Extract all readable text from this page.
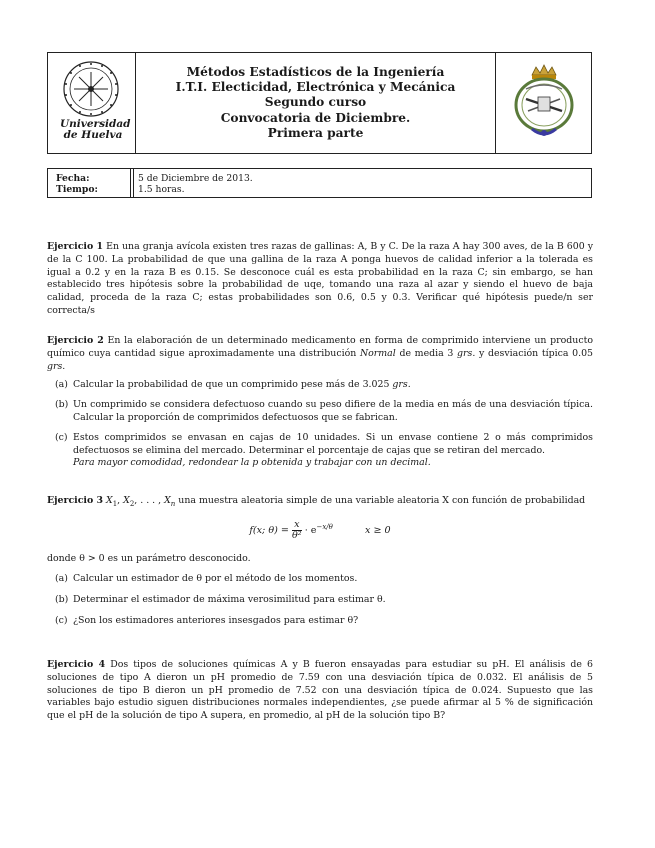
Universidad
de Huelva
Métodos Estadísticos de la Ingeniería
I.T.I. Electicidad, Electrónica y Mecánica
Segundo curso
Convocatoria de Diciembre.
Primera parte
Fecha:
Tiempo:
5 de Diciembre de 2013.
1.5 horas.
Ejercicio 1 En una granja avícola existen tres razas de gallinas: A, B y C. De la raza A hay 300 aves, de la B 600 y de la C 100. La probabilidad de que una gallina de la raza A ponga huevos de calidad inferior a la tolerada es igual a 0.2 y en la raza B es 0.15. Se desconoce cuál es esta probabilidad en la raza C; sin embargo, se han establecido tres hipótesis sobre la probabilidad de uqe, tomando una raza al azar y siendo el huevo de baja calidad, proceda de la raza C; estas probabilidades son 0.6, 0.5 y 0.3. Verificar qué hipótesis puede/n ser correcta/s
Ejercicio 2 En la elaboración de un determinado medicamento en forma de comprimido interviene un producto químico cuya cantidad sigue aproximadamente una distribución Normal de media 3 grs. y desviación típica 0.05 grs.
(a) Calcular la probabilidad de que un comprimido pese más de 3.025 grs.
(b) Un comprimido se considera defectuoso cuando su peso difiere de la media en más de una desviación típica. Calcular la proporción de comprimidos defectuosos que se fabrican.
(c) Estos comprimidos se envasan en cajas de 10 unidades. Si un envase contiene 2 o más comprimidos defectuosos se elimina del mercado. Determinar el porcentaje de cajas que se retiran del mercado.
Para mayor comodidad, redondear la p obtenida y trabajar con un decimal.
Ejercicio 3 $X_1$, $X_2$, . . . , $X_n$ una muestra aleatoria simple de una variable aleatoria X con función de probabilidad
f(x; $\theta) = \frac{x}{\text{θ²}} \cdot e^{-x/\theta}$	x ≥ 0
donde θ > 0 es un parámetro desconocido.
(a) Calcular un estimador de θ por el método de los momentos.
(b) Determinar el estimador de máxima verosimilitud para estimar θ.
(c) ¿Son los estimadores anteriores insesgados para estimar θ?
Ejercicio 4 Dos tipos de soluciones químicas A y B fueron ensayadas para estudiar su pH. El análisis de 6 soluciones de tipo A dieron un pH promedio de 7.59 con una desviación típica de 0.032. El análisis de 5 soluciones de tipo B dieron un pH promedio de 7.52 con una desviación típica de 0.024. Supuesto que las variables bajo estudio siguen distribuciones normales independientes, ¿se puede afirmar al 5 % de significación que el pH de la solución de tipo A supera, en promedio, al pH de la solución tipo B?
